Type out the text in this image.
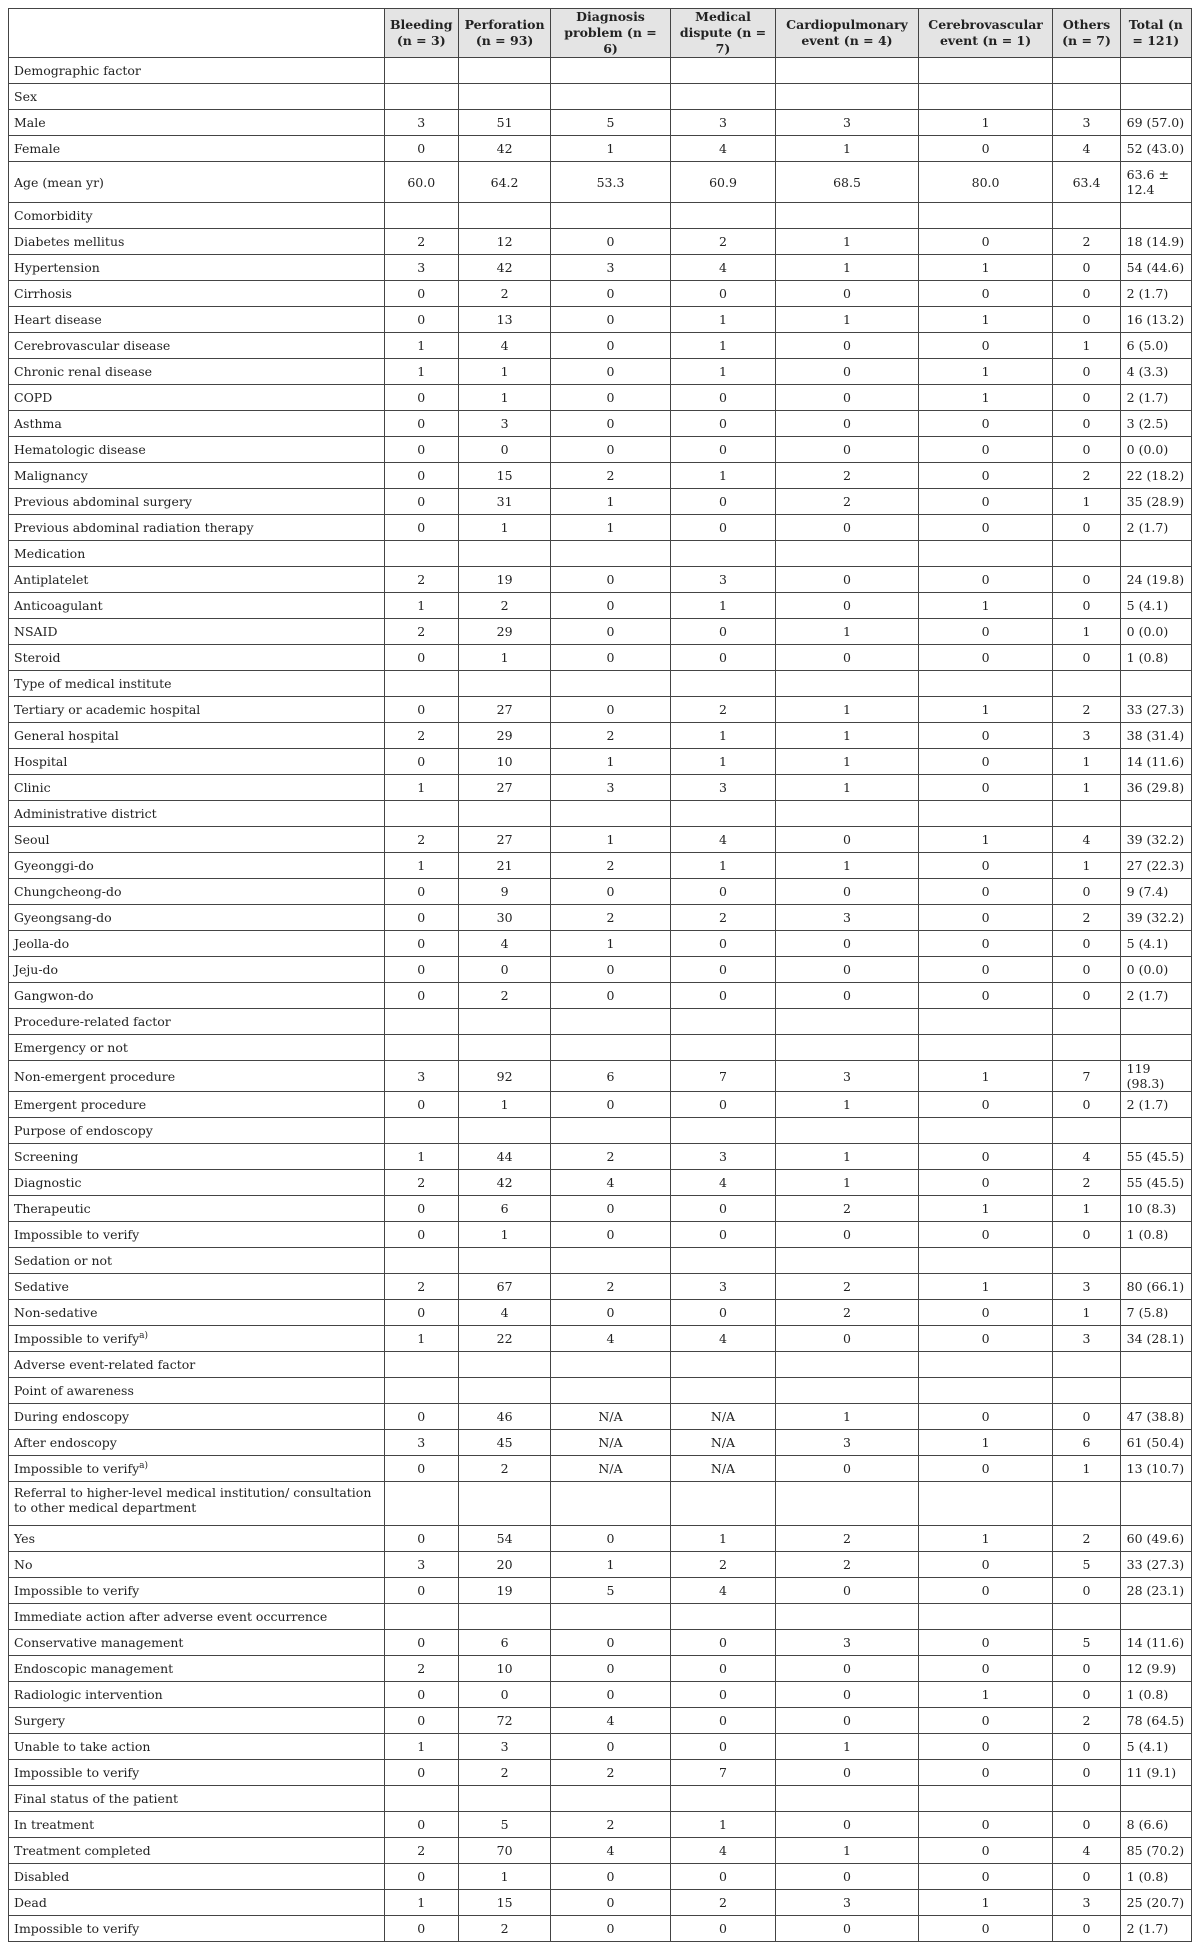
	Bleeding (n = 3)	Perforation (n = 93)	Diagnosis problem (n = 6)	Medical dispute (n = 7)	Cardiopulmonary event (n = 4)	Cerebrovascular event (n = 1)	Others (n = 7)	Total (n = 121)
Demographic factor								
Sex								
Male	3	51	5	3	3	1	3	69 (57.0)
Female	0	42	1	4	1	0	4	52 (43.0)
Age (mean yr)	60.0	64.2	53.3	60.9	68.5	80.0	63.4	63.6 ± 12.4
Comorbidity								
Diabetes mellitus	2	12	0	2	1	0	2	18 (14.9)
Hypertension	3	42	3	4	1	1	0	54 (44.6)
Cirrhosis	0	2	0	0	0	0	0	2 (1.7)
Heart disease	0	13	0	1	1	1	0	16 (13.2)
Cerebrovascular disease	1	4	0	1	0	0	1	6 (5.0)
Chronic renal disease	1	1	0	1	0	1	0	4 (3.3)
COPD	0	1	0	0	0	1	0	2 (1.7)
Asthma	0	3	0	0	0	0	0	3 (2.5)
Hematologic disease	0	0	0	0	0	0	0	0 (0.0)
Malignancy	0	15	2	1	2	0	2	22 (18.2)
Previous abdominal surgery	0	31	1	0	2	0	1	35 (28.9)
Previous abdominal radiation therapy	0	1	1	0	0	0	0	2 (1.7)
Medication								
Antiplatelet	2	19	0	3	0	0	0	24 (19.8)
Anticoagulant	1	2	0	1	0	1	0	5 (4.1)
NSAID	2	29	0	0	1	0	1	0 (0.0)
Steroid	0	1	0	0	0	0	0	1 (0.8)
Type of medical institute								
Tertiary or academic hospital	0	27	0	2	1	1	2	33 (27.3)
General hospital	2	29	2	1	1	0	3	38 (31.4)
Hospital	0	10	1	1	1	0	1	14 (11.6)
Clinic	1	27	3	3	1	0	1	36 (29.8)
Administrative district								
Seoul	2	27	1	4	0	1	4	39 (32.2)
Gyeonggi-do	1	21	2	1	1	0	1	27 (22.3)
Chungcheong-do	0	9	0	0	0	0	0	9 (7.4)
Gyeongsang-do	0	30	2	2	3	0	2	39 (32.2)
Jeolla-do	0	4	1	0	0	0	0	5 (4.1)
Jeju-do	0	0	0	0	0	0	0	0 (0.0)
Gangwon-do	0	2	0	0	0	0	0	2 (1.7)
Procedure-related factor								
Emergency or not								
Non-emergent procedure	3	92	6	7	3	1	7	119 (98.3)
Emergent procedure	0	1	0	0	1	0	0	2 (1.7)
Purpose of endoscopy								
Screening	1	44	2	3	1	0	4	55 (45.5)
Diagnostic	2	42	4	4	1	0	2	55 (45.5)
Therapeutic	0	6	0	0	2	1	1	10 (8.3)
Impossible to verify	0	1	0	0	0	0	0	1 (0.8)
Sedation or not								
Sedative	2	67	2	3	2	1	3	80 (66.1)
Non-sedative	0	4	0	0	2	0	1	7 (5.8)
Impossible to verify$^{a)}$	1	22	4	4	0	0	3	34 (28.1)
Adverse event-related factor								
Point of awareness								
During endoscopy	0	46	N/A	N/A	1	0	0	47 (38.8)
After endoscopy	3	45	N/A	N/A	3	1	6	61 (50.4)
Impossible to verify$^{a)}$	0	2	N/A	N/A	0	0	1	13 (10.7)
Referral to higher-level medical institution/ consultation to other medical department								
Yes	0	54	0	1	2	1	2	60 (49.6)
No	3	20	1	2	2	0	5	33 (27.3)
Impossible to verify	0	19	5	4	0	0	0	28 (23.1)
Immediate action after adverse event occurrence								
Conservative management	0	6	0	0	3	0	5	14 (11.6)
Endoscopic management	2	10	0	0	0	0	0	12 (9.9)
Radiologic intervention	0	0	0	0	0	1	0	1 (0.8)
Surgery	0	72	4	0	0	0	2	78 (64.5)
Unable to take action	1	3	0	0	1	0	0	5 (4.1)
Impossible to verify	0	2	2	7	0	0	0	11 (9.1)
Final status of the patient								
In treatment	0	5	2	1	0	0	0	8 (6.6)
Treatment completed	2	70	4	4	1	0	4	85 (70.2)
Disabled	0	1	0	0	0	0	0	1 (0.8)
Dead	1	15	0	2	3	1	3	25 (20.7)
Impossible to verify	0	2	0	0	0	0	0	2 (1.7)
